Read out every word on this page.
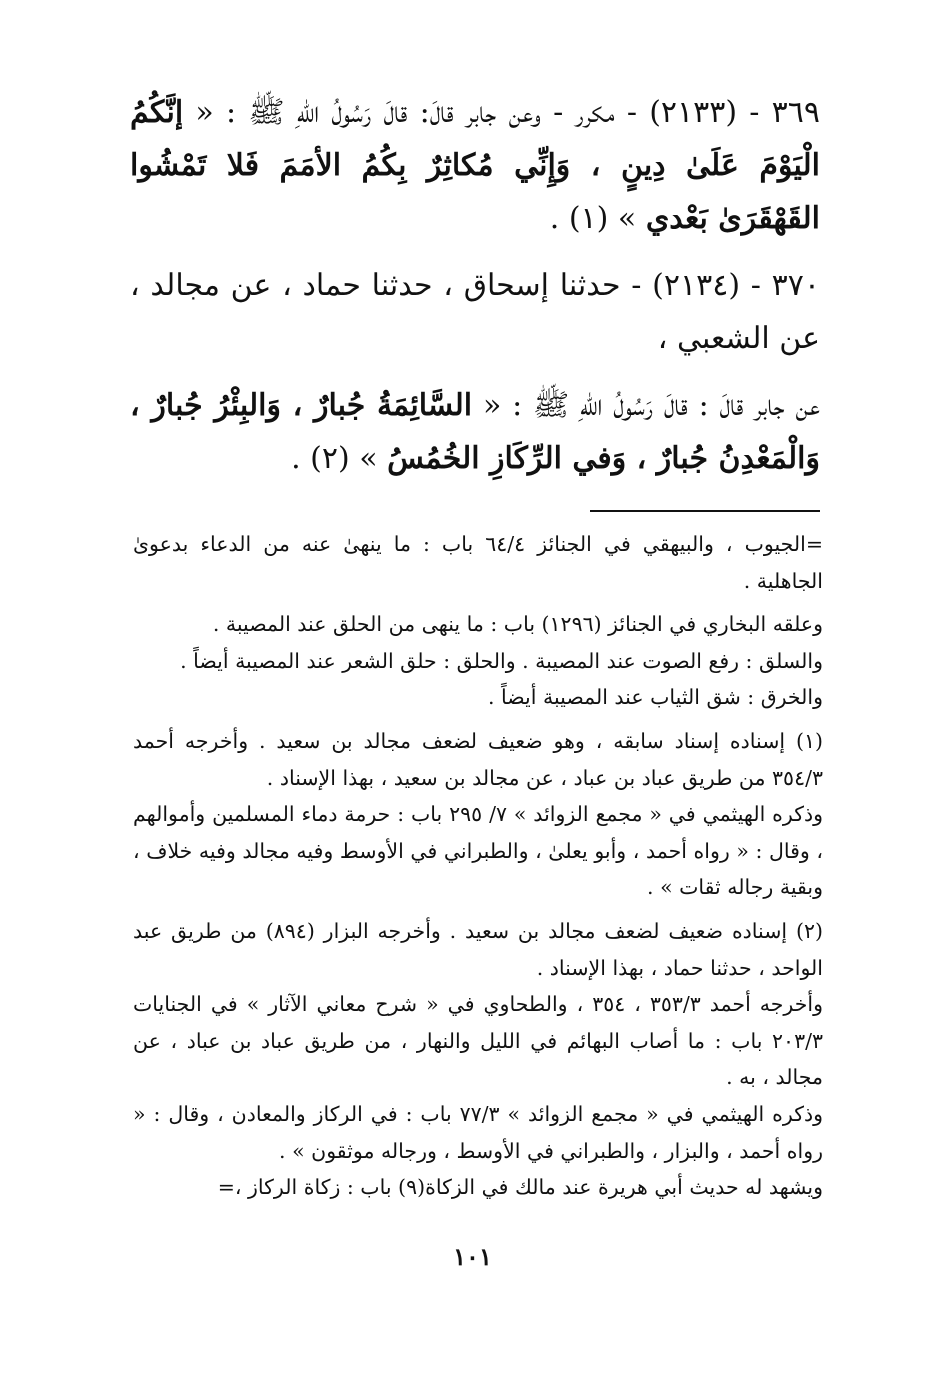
٣٦٩ - (٢١٣٣) - مكرر - وعن جابر قالَ: قالَ رَسُولُ اللهِ ﷺ : « إنَّكُمُ الْيَوْمَ عَلَىٰ دِينٍ ، وَإِنِّي مُكاثِرٌ بِكُمُ الأمَمَ فَلا تَمْشُوا القَهْقَرَىٰ بَعْدي » (١) .

٣٧٠ - (٢١٣٤) - حدثنا إسحاق ، حدثنا حماد ، عن مجالد ، عن الشعبي ،

عن جابر قالَ : قالَ رَسُولُ اللهِ ﷺ : « السَّائِمَةُ جُبارٌ ، وَالبِئْرُ جُبارٌ ، وَالْمَعْدِنُ جُبارٌ ، وَفي الرِّكَازِ الخُمُسُ » (٢) .

=الجيوب ، والبيهقي في الجنائز ٦٤/٤ باب : ما ينهىٰ عنه من الدعاء بدعوىٰ الجاهلية .

وعلقه البخاري في الجنائز (١٢٩٦) باب : ما ينهى من الحلق عند المصيبة .

والسلق : رفع الصوت عند المصيبة . والحلق : حلق الشعر عند المصيبة أيضاً .

والخرق : شق الثياب عند المصيبة أيضاً .

(١) إسناده إسناد سابقه ، وهو ضعيف لضعف مجالد بن سعيد . وأخرجه أحمد ٣٥٤/٣ من طريق عباد بن عباد ، عن مجالد بن سعيد ، بهذا الإسناد .

وذكره الهيثمي في « مجمع الزوائد » ٧/ ٢٩٥ باب : حرمة دماء المسلمين وأموالهم ، وقال : « رواه أحمد ، وأبو يعلىٰ ، والطبراني في الأوسط وفيه مجالد وفيه خلاف ، وبقية رجاله ثقات » .

(٢) إسناده ضعيف لضعف مجالد بن سعيد . وأخرجه البزار (٨٩٤) من طريق عبد الواحد ، حدثنا حماد ، بهذا الإسناد .

وأخرجه أحمد ٣٥٣/٣ ، ٣٥٤ ، والطحاوي في « شرح معاني الآثار » في الجنايات ٢٠٣/٣ باب : ما أصاب البهائم في الليل والنهار ، من طريق عباد بن عباد ، عن مجالد ، به .

وذكره الهيثمي في « مجمع الزوائد » ٧٧/٣ باب : في الركاز والمعادن ، وقال : « رواه أحمد ، والبزار ، والطبراني في الأوسط ، ورجاله موثقون » .

ويشهد له حديث أبي هريرة عند مالك في الزكاة(٩) باب : زكاة الركاز ،=

١٠١
